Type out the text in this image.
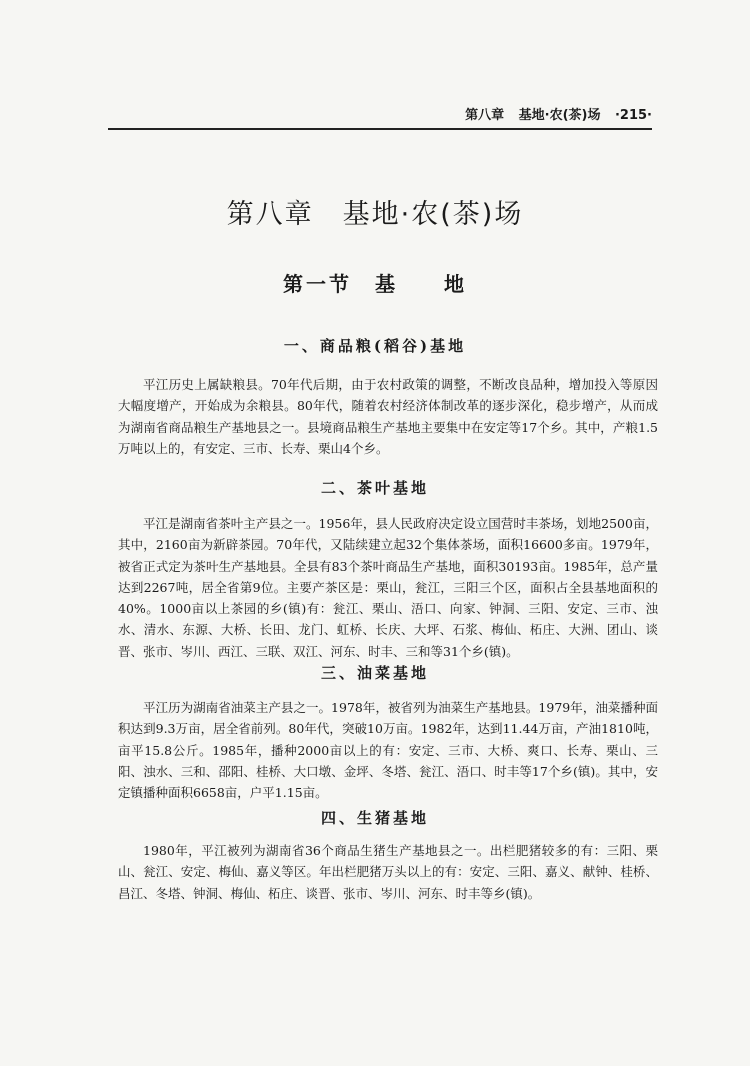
第八章 基地·农(茶)场 ·215·
第八章　基地·农(茶)场
第一节　基　　地
一、商品粮(稻谷)基地

平江历史上属缺粮县。70年代后期，由于农村政策的调整，不断改良品种，增加投入等原因大幅度增产，开始成为余粮县。80年代，随着农村经济体制改革的逐步深化，稳步增产，从而成为湖南省商品粮生产基地县之一。县境商品粮生产基地主要集中在安定等17个乡。其中，产粮1.5万吨以上的，有安定、三市、长寿、栗山4个乡。

二、茶叶基地

平江是湖南省茶叶主产县之一。1956年，县人民政府决定设立国营时丰茶场，划地2500亩，其中，2160亩为新辟茶园。70年代，又陆续建立起32个集体茶场，面积16600多亩。1979年，被省正式定为茶叶生产基地县。全县有83个茶叶商品生产基地，面积30193亩。1985年，总产量达到2267吨，居全省第9位。主要产茶区是：栗山，瓮江，三阳三个区，面积占全县基地面积的40%。1000亩以上茶园的乡(镇)有：瓮江、栗山、浯口、向家、钟洞、三阳、安定、三市、浊水、清水、东源、大桥、长田、龙门、虹桥、长庆、大坪、石浆、梅仙、柘庄、大洲、团山、谈晋、张市、岑川、西江、三联、双江、河东、时丰、三和等31个乡(镇)。

三、油菜基地

平江历为湖南省油菜主产县之一。1978年，被省列为油菜生产基地县。1979年，油菜播种面积达到9.3万亩，居全省前列。80年代，突破10万亩。1982年，达到11.44万亩，产油1810吨，亩平15.8公斤。1985年，播种2000亩以上的有：安定、三市、大桥、爽口、长寿、栗山、三阳、浊水、三和、邵阳、桂桥、大口墩、金坪、冬塔、瓮江、浯口、时丰等17个乡(镇)。其中，安定镇播种面积6658亩，户平1.15亩。

四、生猪基地

1980年，平江被列为湖南省36个商品生猪生产基地县之一。出栏肥猪较多的有：三阳、栗山、瓮江、安定、梅仙、嘉义等区。年出栏肥猪万头以上的有：安定、三阳、嘉义、献钟、桂桥、昌江、冬塔、钟洞、梅仙、柘庄、谈晋、张市、岑川、河东、时丰等乡(镇)。
